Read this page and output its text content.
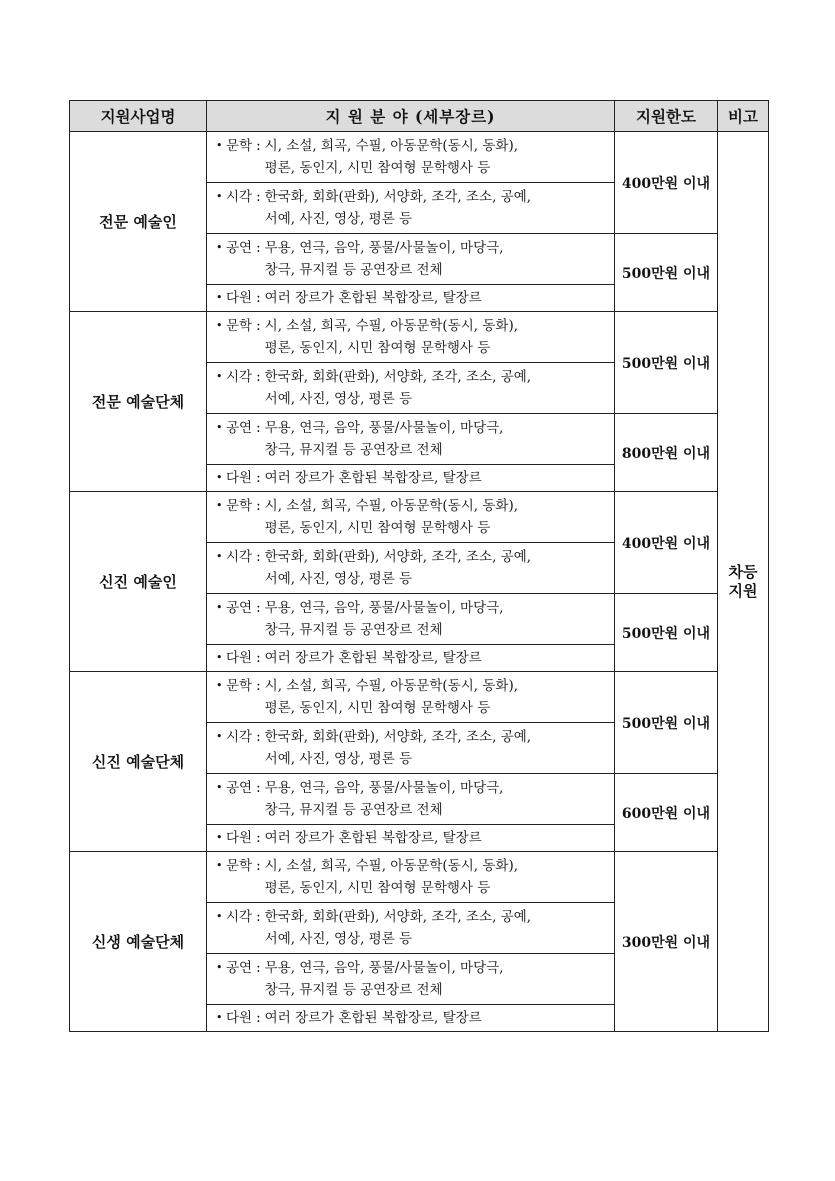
지원사업명	지 원 분 야 (세부장르)	지원한도	비고
전문 예술인	• 문학 : 시, 소설, 희곡, 수필, 아동문학(동시, 동화),
평론, 동인지, 시민 참여형 문학행사 등	400만원 이내	차등
지원

	• 시각 : 한국화, 회화(판화), 서양화, 조각, 조소, 공예,
서예, 사진, 영상, 평론 등		

	• 공연 : 무용, 연극, 음악, 풍물/사물놀이, 마당극,
창극, 뮤지컬 등 공연장르 전체	500만원 이내	

	• 다원 : 여러 장르가 혼합된 복합장르, 탈장르		

전문 예술단체	• 문학 : 시, 소설, 희곡, 수필, 아동문학(동시, 동화),
평론, 동인지, 시민 참여형 문학행사 등	500만원 이내	

	• 시각 : 한국화, 회화(판화), 서양화, 조각, 조소, 공예,
서예, 사진, 영상, 평론 등		

	• 공연 : 무용, 연극, 음악, 풍물/사물놀이, 마당극,
창극, 뮤지컬 등 공연장르 전체	800만원 이내	

	• 다원 : 여러 장르가 혼합된 복합장르, 탈장르		

신진 예술인	• 문학 : 시, 소설, 희곡, 수필, 아동문학(동시, 동화),
평론, 동인지, 시민 참여형 문학행사 등	400만원 이내	

	• 시각 : 한국화, 회화(판화), 서양화, 조각, 조소, 공예,
서예, 사진, 영상, 평론 등		

	• 공연 : 무용, 연극, 음악, 풍물/사물놀이, 마당극,
창극, 뮤지컬 등 공연장르 전체	500만원 이내	

	• 다원 : 여러 장르가 혼합된 복합장르, 탈장르		

신진 예술단체	• 문학 : 시, 소설, 희곡, 수필, 아동문학(동시, 동화),
평론, 동인지, 시민 참여형 문학행사 등	500만원 이내	

	• 시각 : 한국화, 회화(판화), 서양화, 조각, 조소, 공예,
서예, 사진, 영상, 평론 등		

	• 공연 : 무용, 연극, 음악, 풍물/사물놀이, 마당극,
창극, 뮤지컬 등 공연장르 전체	600만원 이내	

	• 다원 : 여러 장르가 혼합된 복합장르, 탈장르		

신생 예술단체	• 문학 : 시, 소설, 희곡, 수필, 아동문학(동시, 동화),
평론, 동인지, 시민 참여형 문학행사 등	300만원 이내	

	• 시각 : 한국화, 회화(판화), 서양화, 조각, 조소, 공예,
서예, 사진, 영상, 평론 등		

	• 공연 : 무용, 연극, 음악, 풍물/사물놀이, 마당극,
창극, 뮤지컬 등 공연장르 전체		

	• 다원 : 여러 장르가 혼합된 복합장르, 탈장르		
